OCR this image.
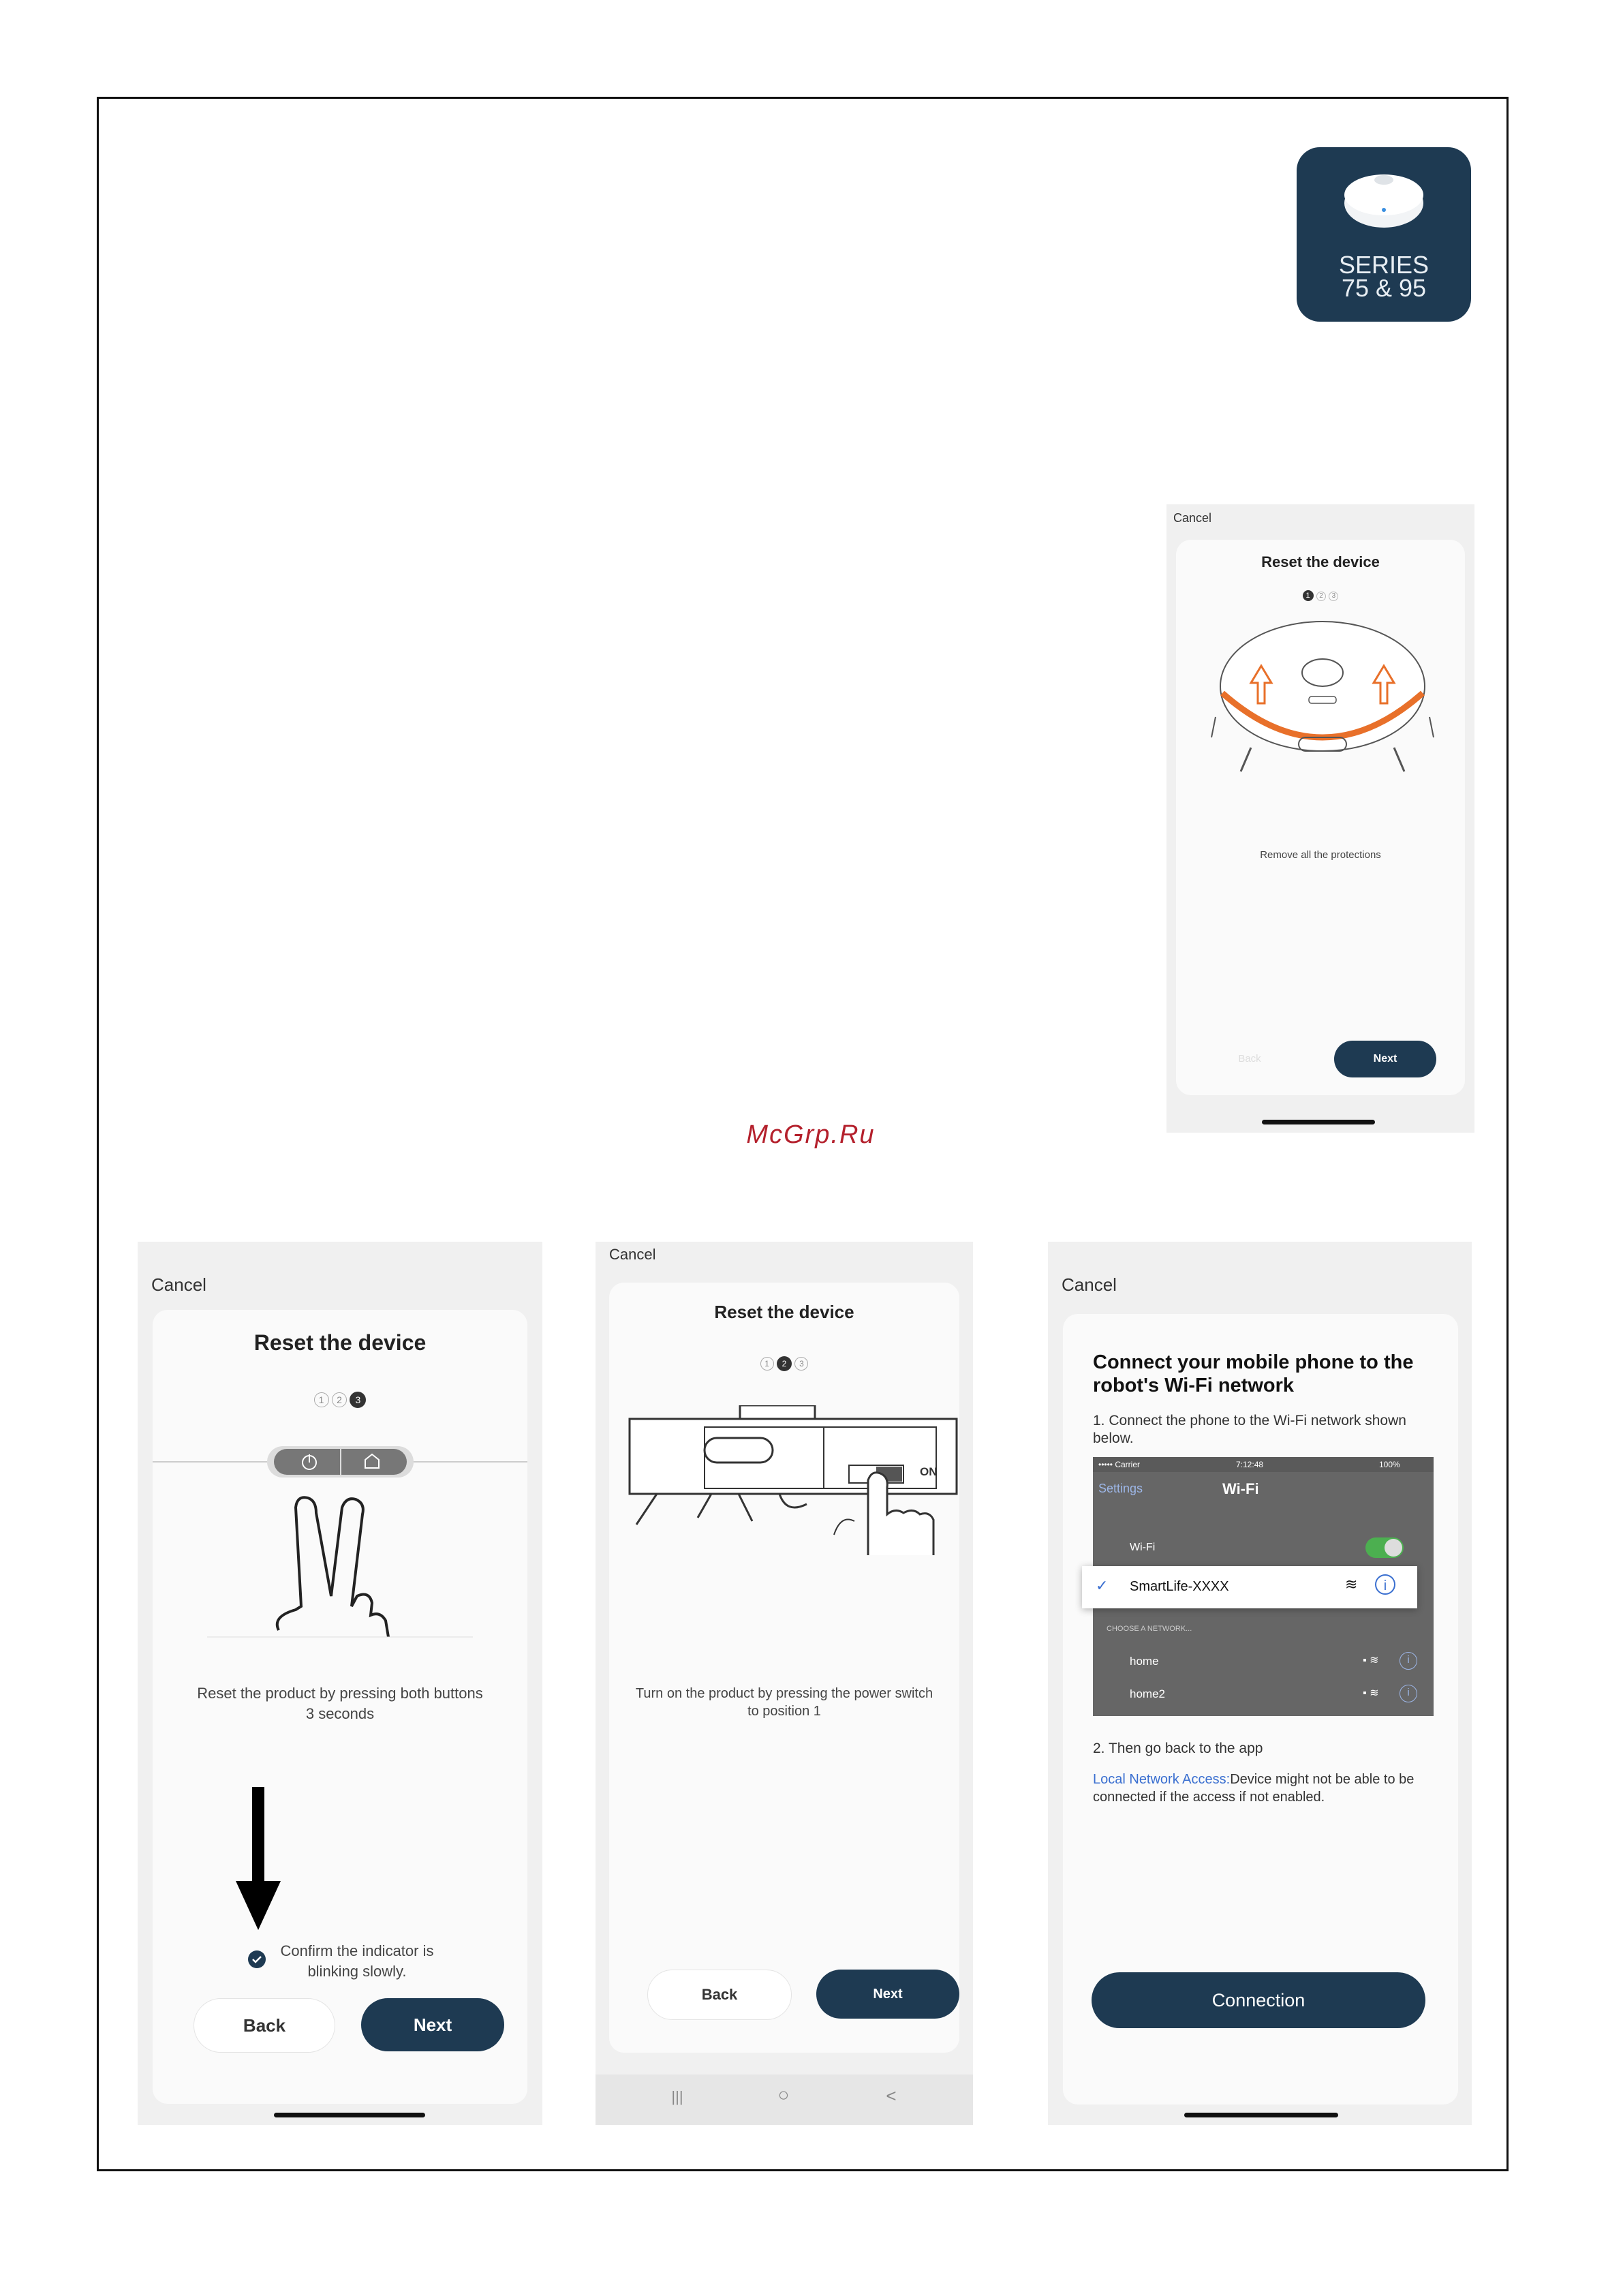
SERIES
75 & 95
Cancel
Reset the device
1 2 3
Remove all the protections
Back	Next
McGrp.Ru
Cancel
Reset the device
1 2 3
Reset the product by pressing both buttons 3 seconds
Confirm the indicator is blinking slowly.
Back	Next
Cancel
Reset the device
1 2 3
ON
Turn on the product by pressing the power switch to position 1
Back	Next
|||	○	<
Cancel
Connect your mobile phone to the robot's Wi-Fi network
1. Connect the phone to the Wi-Fi network shown below.
••••• Carrier	7:12:48	100%
Settings	Wi-Fi
Wi-Fi
✓ SmartLife-XXXX	≋	i
CHOOSE A NETWORK...
home	▪ ≋	i
home2	▪ ≋	i
2. Then go back to the app
Local Network Access:Device might not be able to be connected if the access if not enabled.
Connection
